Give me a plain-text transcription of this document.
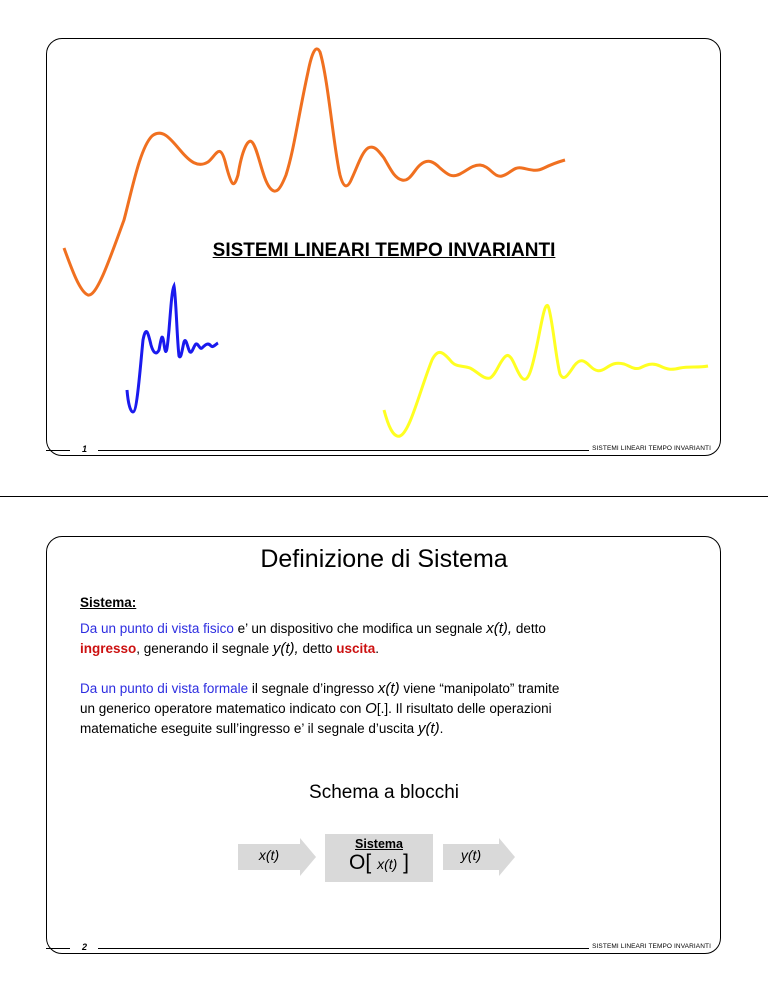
SISTEMI LINEARI TEMPO INVARIANTI
1	SISTEMI LINEARI TEMPO INVARIANTI
Definizione di Sistema
Sistema:
Da un punto di vista fisico e’ un dispositivo che modifica un segnale x(t), detto
ingresso, generando il segnale y(t), detto uscita.
Da un punto di vista formale il segnale d’ingresso x(t) viene “manipolato” tramite
un generico operatore matematico indicato con O[.]. Il risultato delle operazioni
matematiche eseguite sull’ingresso e’ il segnale d’uscita y(t).
Schema a blocchi
x(t)
Sistema
O[ x(t) ]	y(t)
2	SISTEMI LINEARI TEMPO INVARIANTI
